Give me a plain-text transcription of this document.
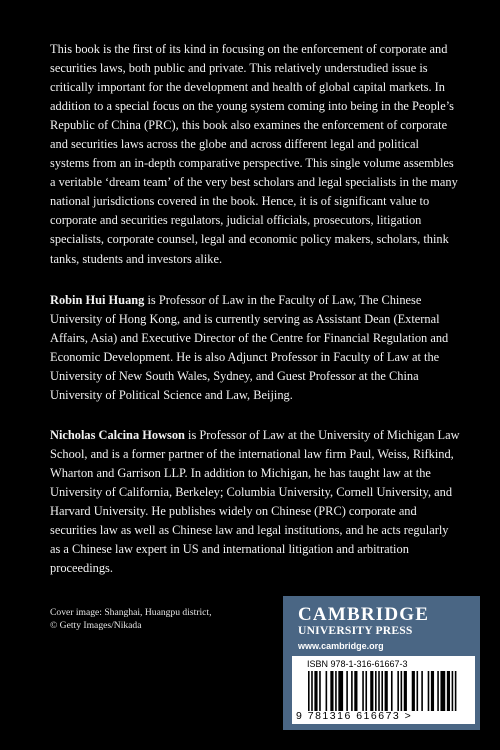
This book is the first of its kind in focusing on the enforcement of corporate and securities laws, both public and private. This relatively understudied issue is critically important for the development and health of global capital markets. In addition to a special focus on the young system coming into being in the People’s Republic of China (PRC), this book also examines the enforcement of corporate and securities laws across the globe and across different legal and political systems from an in-depth comparative perspective. This single volume assembles a veritable ‘dream team’ of the very best scholars and legal specialists in the many national jurisdictions covered in the book. Hence, it is of significant value to corporate and securities regulators, judicial officials, prosecutors, litigation specialists, corporate counsel, legal and economic policy makers, scholars, think tanks, students and investors alike.

Robin Hui Huang is Professor of Law in the Faculty of Law, The Chinese University of Hong Kong, and is currently serving as Assistant Dean (External Affairs, Asia) and Executive Director of the Centre for Financial Regulation and Economic Development. He is also Adjunct Professor in Faculty of Law at the University of New South Wales, Sydney, and Guest Professor at the China University of Political Science and Law, Beijing.

Nicholas Calcina Howson is Professor of Law at the University of Michigan Law School, and is a former partner of the international law firm Paul, Weiss, Rifkind, Wharton and Garrison LLP. In addition to Michigan, he has taught law at the University of California, Berkeley; Columbia University, Cornell University, and Harvard University. He publishes widely on Chinese (PRC) corporate and securities law as well as Chinese law and legal institutions, and he acts regularly as a Chinese law expert in US and international litigation and arbitration proceedings.

Cover image: Shanghai, Huangpu district,
© Getty Images/Nikada
CAMBRIDGE
UNIVERSITY PRESS
www.cambridge.org
ISBN 978-1-316-61667-3
9 781316 616673 >
